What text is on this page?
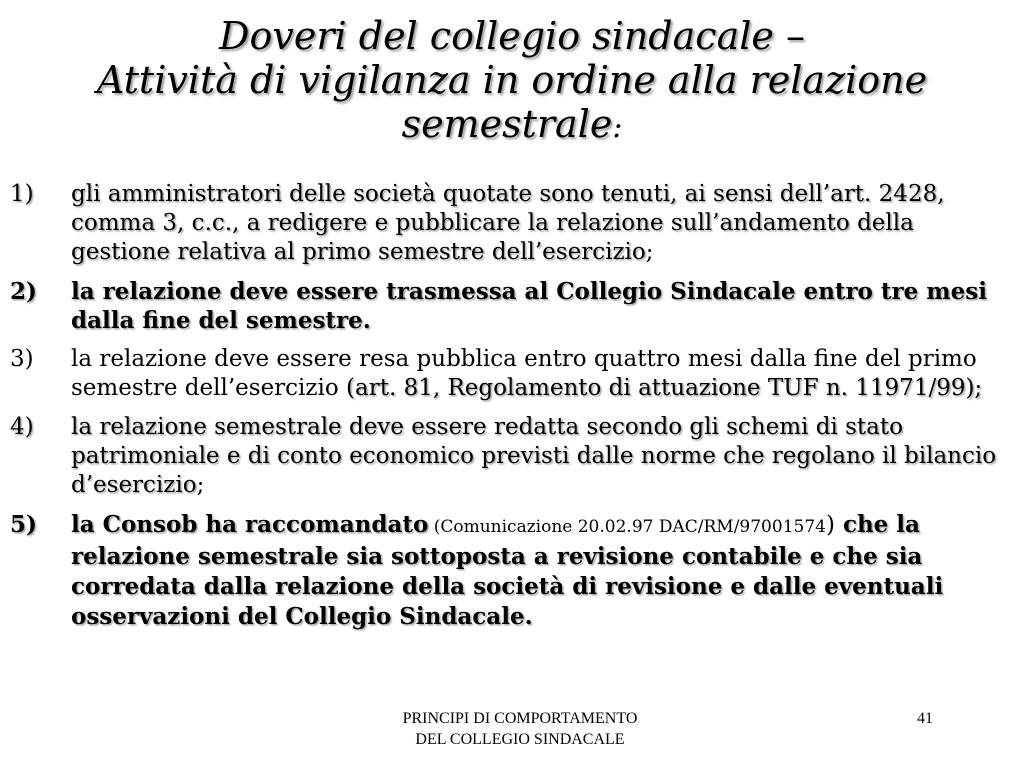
Doveri del collegio sindacale –
Attività di vigilanza in ordine alla relazione
semestrale:
1)	gli amministratori delle società quotate sono tenuti, ai sensi dell’art. 2428, comma 3, c.c., a redigere e pubblicare la relazione sull’andamento della gestione relativa al primo semestre dell’esercizio;
2)	la relazione deve essere trasmessa al Collegio Sindacale entro tre mesi dalla fine del semestre.
3)	la relazione deve essere resa pubblica entro quattro mesi dalla fine del primo semestre dell’esercizio (art. 81, Regolamento di attuazione TUF n. 11971/99);
4)	la relazione semestrale deve essere redatta secondo gli schemi di stato patrimoniale e di conto economico previsti dalle norme che regolano il bilancio d’esercizio;
5)	la Consob ha raccomandato (Comunicazione 20.02.97 DAC/RM/97001574) che la relazione semestrale sia sottoposta a revisione contabile e che sia corredata dalla relazione della società di revisione e dalle eventuali osservazioni del Collegio Sindacale.
PRINCIPI DI COMPORTAMENTO
DEL COLLEGIO SINDACALE
41
